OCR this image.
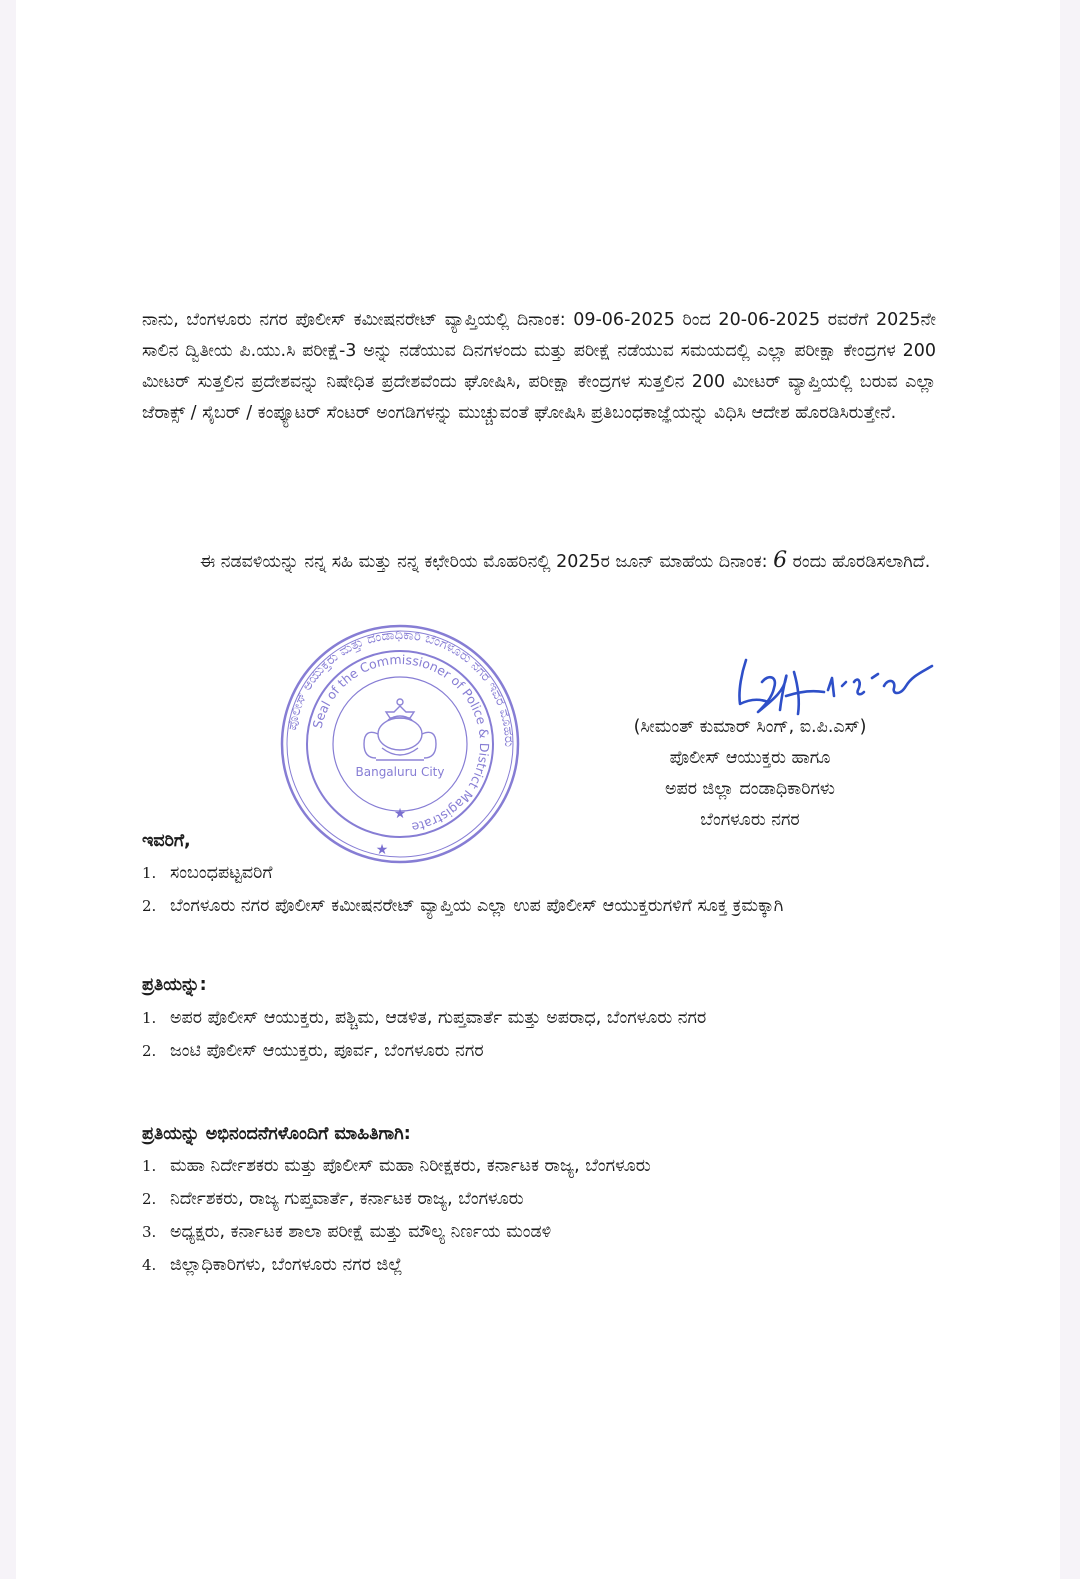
ನಾನು, ಬೆಂಗಳೂರು ನಗರ ಪೊಲೀಸ್ ಕಮೀಷನರೇಟ್ ವ್ಯಾಪ್ತಿಯಲ್ಲಿ ದಿನಾಂಕ: 09-06-2025 ರಿಂದ 20-06-2025 ರವರೆಗೆ 2025ನೇ ಸಾಲಿನ ದ್ವಿತೀಯ ಪಿ.ಯು.ಸಿ ಪರೀಕ್ಷೆ-3 ಅನ್ನು ನಡೆಯುವ ದಿನಗಳಂದು ಮತ್ತು ಪರೀಕ್ಷೆ ನಡೆಯುವ ಸಮಯದಲ್ಲಿ ಎಲ್ಲಾ ಪರೀಕ್ಷಾ ಕೇಂದ್ರಗಳ 200 ಮೀಟರ್ ಸುತ್ತಲಿನ ಪ್ರದೇಶವನ್ನು ನಿಷೇಧಿತ ಪ್ರದೇಶವೆಂದು ಘೋಷಿಸಿ, ಪರೀಕ್ಷಾ ಕೇಂದ್ರಗಳ ಸುತ್ತಲಿನ 200 ಮೀಟರ್ ವ್ಯಾಪ್ತಿಯಲ್ಲಿ ಬರುವ ಎಲ್ಲಾ ಜೆರಾಕ್ಸ್ / ಸೈಬರ್ / ಕಂಪ್ಯೂಟರ್ ಸೆಂಟರ್ ಅಂಗಡಿಗಳನ್ನು ಮುಚ್ಚುವಂತೆ ಘೋಷಿಸಿ ಪ್ರತಿಬಂಧಕಾಜ್ಞೆಯನ್ನು ವಿಧಿಸಿ ಆದೇಶ ಹೊರಡಿಸಿರುತ್ತೇನೆ.

ಈ ನಡವಳಿಯನ್ನು ನನ್ನ ಸಹಿ ಮತ್ತು ನನ್ನ ಕಛೇರಿಯ ಮೊಹರಿನಲ್ಲಿ 2025ರ ಜೂನ್ ಮಾಹೆಯ ದಿನಾಂಕ: 6 ರಂದು ಹೊರಡಿಸಲಾಗಿದೆ.

ಪೊಲೀಸ್ ಆಯುಕ್ತರು ಮತ್ತು ದಂಡಾಧಿಕಾರಿ ಬೆಂಗಳೂರು ನಗರ ಇವರ ಮೊಹರು
Seal of the Commissioner of Police & District Magistrate
Bangaluru City
★
★
(ಸೀಮಂತ್ ಕುಮಾರ್ ಸಿಂಗ್, ಐ.ಪಿ.ಎಸ್)
ಪೊಲೀಸ್ ಆಯುಕ್ತರು ಹಾಗೂ
ಅಪರ ಜಿಲ್ಲಾ ದಂಡಾಧಿಕಾರಿಗಳು
ಬೆಂಗಳೂರು ನಗರ
ಇವರಿಗೆ,
1. ಸಂಬಂಧಪಟ್ಟವರಿಗೆ
2. ಬೆಂಗಳೂರು ನಗರ ಪೊಲೀಸ್ ಕಮೀಷನರೇಟ್ ವ್ಯಾಪ್ತಿಯ ಎಲ್ಲಾ ಉಪ ಪೊಲೀಸ್ ಆಯುಕ್ತರುಗಳಿಗೆ ಸೂಕ್ತ ಕ್ರಮಕ್ಕಾಗಿ
ಪ್ರತಿಯನ್ನು:
1. ಅಪರ ಪೊಲೀಸ್ ಆಯುಕ್ತರು, ಪಶ್ಚಿಮ, ಆಡಳಿತ, ಗುಪ್ತವಾರ್ತೆ ಮತ್ತು ಅಪರಾಧ, ಬೆಂಗಳೂರು ನಗರ
2. ಜಂಟಿ ಪೊಲೀಸ್ ಆಯುಕ್ತರು, ಪೂರ್ವ, ಬೆಂಗಳೂರು ನಗರ
ಪ್ರತಿಯನ್ನು ಅಭಿನಂದನೆಗಳೊಂದಿಗೆ ಮಾಹಿತಿಗಾಗಿ:
1. ಮಹಾ ನಿರ್ದೇಶಕರು ಮತ್ತು ಪೊಲೀಸ್ ಮಹಾ ನಿರೀಕ್ಷಕರು, ಕರ್ನಾಟಕ ರಾಜ್ಯ, ಬೆಂಗಳೂರು
2. ನಿರ್ದೇಶಕರು, ರಾಜ್ಯ ಗುಪ್ತವಾರ್ತೆ, ಕರ್ನಾಟಕ ರಾಜ್ಯ, ಬೆಂಗಳೂರು
3. ಅಧ್ಯಕ್ಷರು, ಕರ್ನಾಟಕ ಶಾಲಾ ಪರೀಕ್ಷೆ ಮತ್ತು ಮೌಲ್ಯ ನಿರ್ಣಯ ಮಂಡಳಿ
4. ಜಿಲ್ಲಾಧಿಕಾರಿಗಳು, ಬೆಂಗಳೂರು ನಗರ ಜಿಲ್ಲೆ
